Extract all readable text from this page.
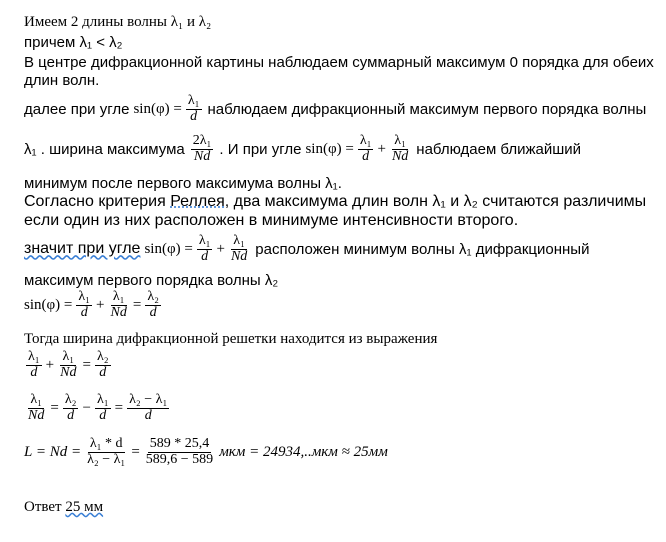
Имеем 2 длины волны λ₁ и λ₂
причем λ₁ < λ₂
В центре дифракционной картины наблюдаем суммарный максимум 0 порядка для обеих
длин волн.
далее при угле $\sin(\varphi) = \frac{\text{λ₁}}{d}$ наблюдаем дифракционный максимум первого порядка волны
λ₁ . ширина максимума $\frac{\text{2λ₁}}{Nd}$ . И при угле $\sin(\varphi) = \frac{\text{λ₁}}{d} + \frac{\text{λ₁}}{Nd}$ наблюдаем ближайший
минимум после первого максимума волны λ₁.
Согласно критерия Реллея, два максимума длин волн λ₁ и λ₂ считаются различимы
если один из них расположен в минимуме интенсивности второго.
значит при угле $\sin(\varphi) = \frac{\text{λ₁}}{d} + \frac{\text{λ₁}}{Nd}$ расположен минимум волны λ₁ дифракционный
максимум первого порядка волны λ₂
$\sin(\varphi) = \frac{\text{λ₁}}{d} + \frac{\text{λ₁}}{Nd} = \frac{\text{λ₂}}{d}$
Тогда ширина дифракционной решетки находится из выражения
$\frac{\text{λ₁}}{d} + \frac{\text{λ₁}}{Nd} = \frac{\text{λ₂}}{d}$
$\frac{\text{λ₁}}{Nd} = \frac{\text{λ₂}}{d} - \frac{\text{λ₁}}{d} = \frac{\text{λ₂ − λ₁}}{d}$
$L = Nd = \frac{\text{λ₁ * d}}{\text{λ₂ − λ₁}} = \frac{589 * 25,4}{589,6 - 589}$ мкм = 24934,..мкм ≈ 25мм
Ответ 25 мм
